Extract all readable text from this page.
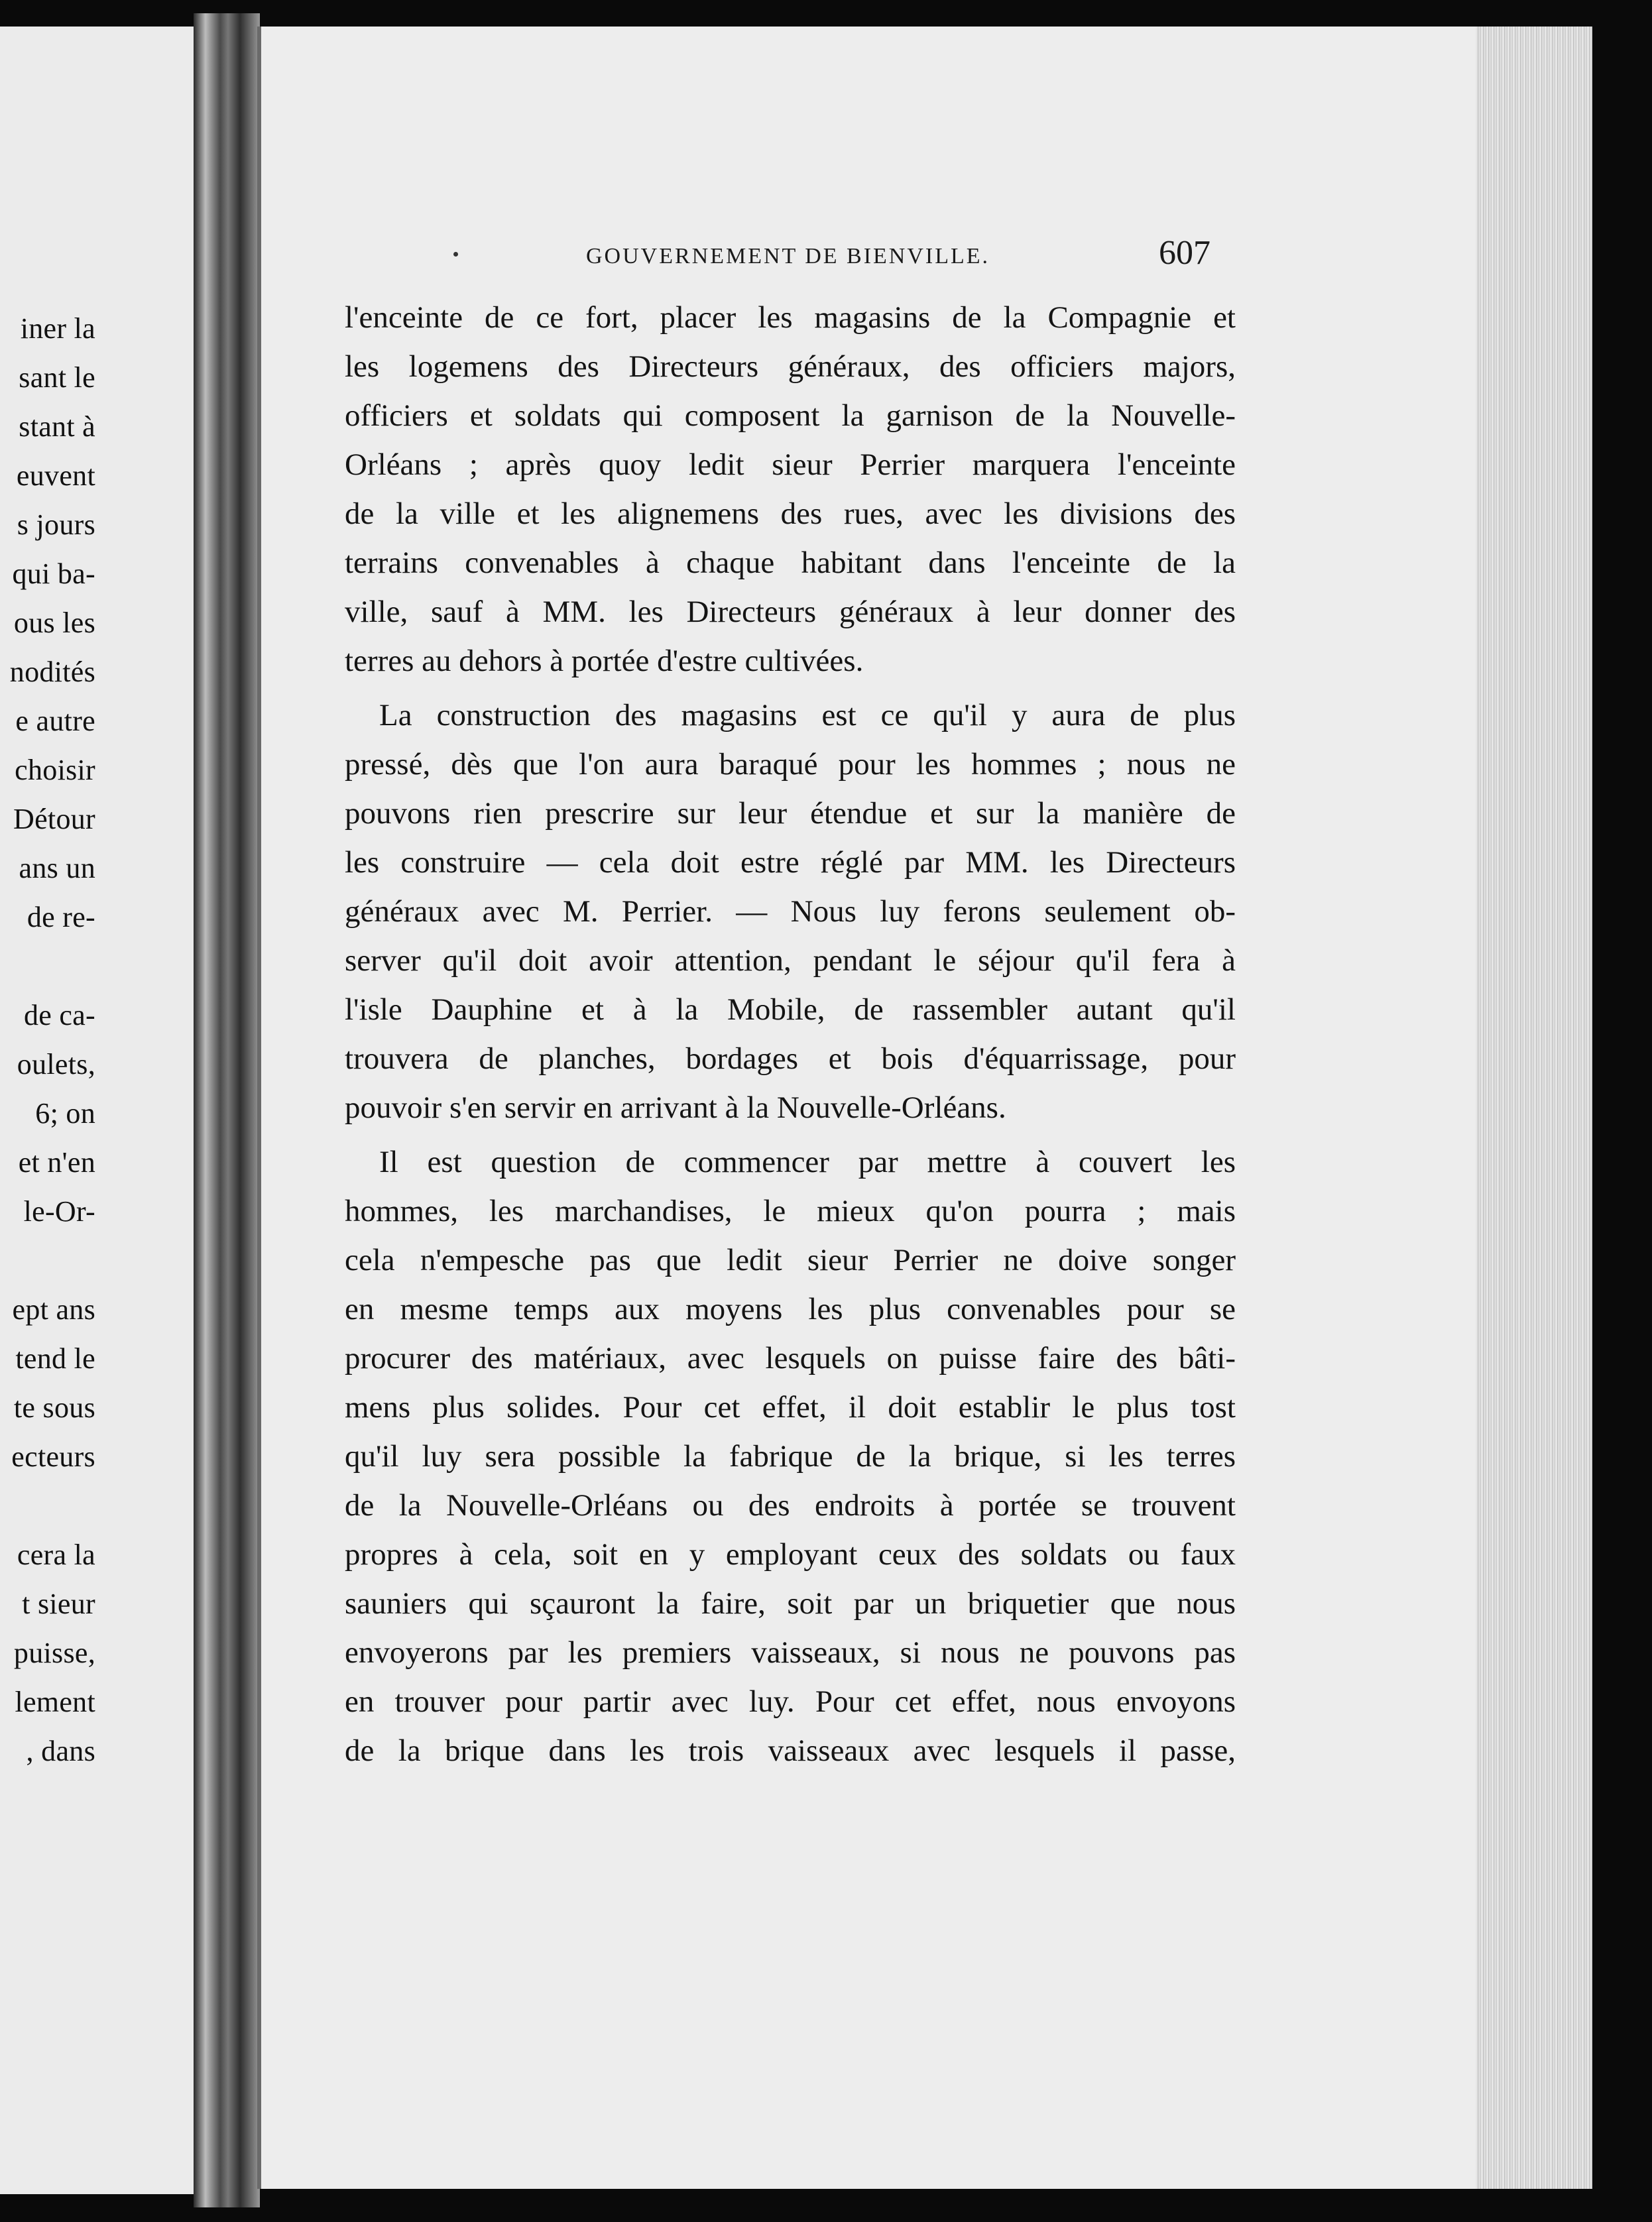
iner la
sant le
stant à
euvent
s jours
qui ba-
ous les
nodités
e autre
choisir
Détour
ans un
de re-
de ca-
oulets,
6; on
et n'en
le-Or-
ept ans
tend le
te sous
ecteurs
cera la
t sieur
puisse,
lement
, dans
GOUVERNEMENT DE BIENVILLE.	607
l'enceinte de ce fort, placer les magasins de la Compagnie et
les logemens des Directeurs généraux, des officiers majors,
officiers et soldats qui composent la garnison de la Nouvelle-
Orléans ; après quoy ledit sieur Perrier marquera l'enceinte
de la ville et les alignemens des rues, avec les divisions des
terrains convenables à chaque habitant dans l'enceinte de la
ville, sauf à MM. les Directeurs généraux à leur donner des
terres au dehors à portée d'estre cultivées.
La construction des magasins est ce qu'il y aura de plus
pressé, dès que l'on aura baraqué pour les hommes ; nous ne
pouvons rien prescrire sur leur étendue et sur la manière de
les construire — cela doit estre réglé par MM. les Directeurs
généraux avec M. Perrier. — Nous luy ferons seulement ob-
server qu'il doit avoir attention, pendant le séjour qu'il fera à
l'isle Dauphine et à la Mobile, de rassembler autant qu'il
trouvera de planches, bordages et bois d'équarrissage, pour
pouvoir s'en servir en arrivant à la Nouvelle-Orléans.
Il est question de commencer par mettre à couvert les
hommes, les marchandises, le mieux qu'on pourra ; mais
cela n'empesche pas que ledit sieur Perrier ne doive songer
en mesme temps aux moyens les plus convenables pour se
procurer des matériaux, avec lesquels on puisse faire des bâti-
mens plus solides. Pour cet effet, il doit establir le plus tost
qu'il luy sera possible la fabrique de la brique, si les terres
de la Nouvelle-Orléans ou des endroits à portée se trouvent
propres à cela, soit en y employant ceux des soldats ou faux
sauniers qui sçauront la faire, soit par un briquetier que nous
envoyerons par les premiers vaisseaux, si nous ne pouvons pas
en trouver pour partir avec luy. Pour cet effet, nous envoyons
de la brique dans les trois vaisseaux avec lesquels il passe,
